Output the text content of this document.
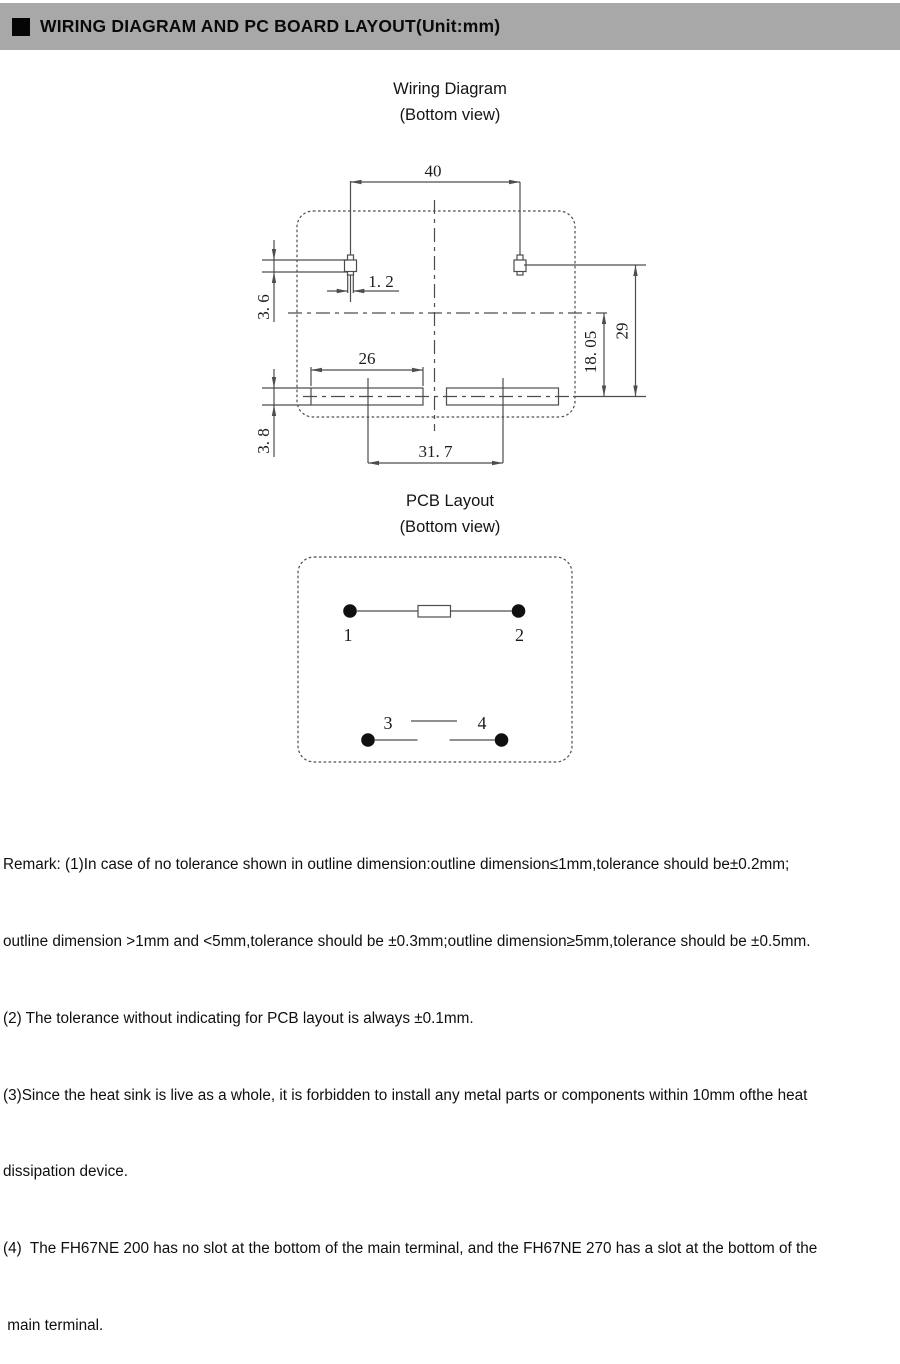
WIRING DIAGRAM AND PC BOARD LAYOUT(Unit:mm)
Wiring Diagram
(Bottom view)
PCB Layout
(Bottom view)
40
1. 2
3. 6
26
3. 8	31. 7
18. 05 29
1	2
3	4

Remark: (1)In case of no tolerance shown in outline dimension:outline dimension≤1mm,tolerance should be±0.2mm;

outline dimension >1mm and <5mm,tolerance should be ±0.3mm;outline dimension≥5mm,tolerance should be ±0.5mm.

(2) The tolerance without indicating for PCB layout is always ±0.1mm.

(3)Since the heat sink is live as a whole, it is forbidden to install any metal parts or components within 10mm ofthe heat

dissipation device.

(4)  The FH67NE 200 has no slot at the bottom of the main terminal, and the FH67NE 270 has a slot at the bottom of the

main terminal.
